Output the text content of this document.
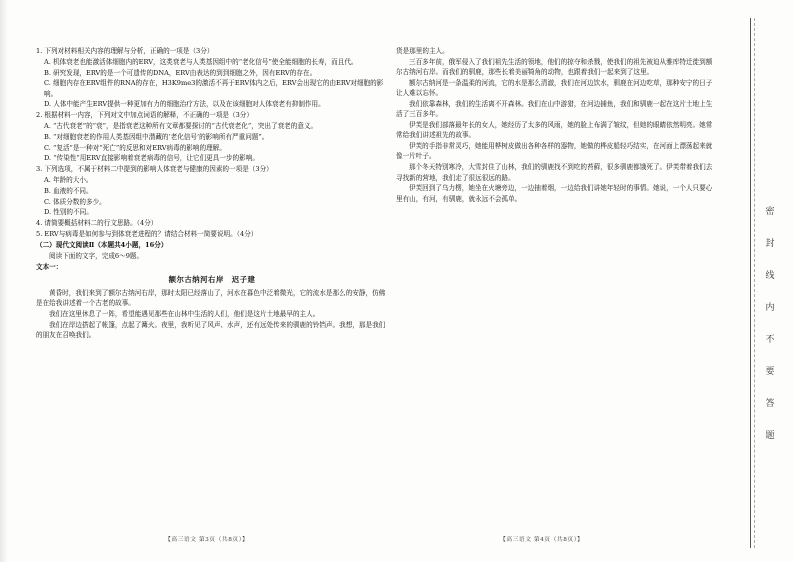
1. 下列对材料相关内容的理解与分析，正确的一项是（3分）

A. 机体衰老也能激活体细胞内的ERV，这类衰老与人类基因组中的“老化信号”使全能细胞的长寿，而且代。

B. 研究发现，ERV的是一个可遗传的DNA，ERV由表达的到到细胞之外，因有ERV的存在。

C. 细胞内存在ERV组件的RNA的存在，H3K9me3的激活不再于ERV体内之后，ERV会出现它的由ERV对细胞的影响。

D. 人体中能产生ERV提供一种更加有力的细胞治疗方法，以及在该细胞对人体衰老有抑制作用。

2. 根据材料一内容，下列对文中加点词语的解释，不正确的一项是（3分）

A. “古代衰老”的“衰”，是指衰老这种所有文章都要探讨的“古代衰老化”，突出了衰老的意义。

B. “对细胞衰老的作用人类基因组中潜藏的‘老化信号’的影响所有严重问题”。

C. “复活”是一种对“死亡”的反思和对ERV病毒的影响的理解。

D. “传染性”用ERV直接影响着衰老病毒的信号，让它们更具一步的影响。

3. 下列选项，不属于材料二中提到的影响人体衰老与健康的因素的一项是（3分）

A. 年龄的大小。

B. 血液的不同。

C. 体质分数的多少。

D. 性别的不同。

4. 请简要概括材料二的行文思路。（4分）

5. ERV与病毒是如何参与到体衰老进程的？请结合材料一简要说明。（4分）

（二）现代文阅读Ⅱ（本题共4小题，16分）

阅读下面的文字，完成6～9题。

文本一：

额尔古纳河右岸　迟子建

黄昏时，我们来到了额尔古纳河右岸，那时太阳已经落山了，河水在暮色中泛着微光，它的流水是那么的安静，仿佛是在给我讲述着一个古老的故事。

我们在这里休息了一阵，希望能遇见那些在山林中生活的人们，他们是这片土地最早的主人。

我们在岸边搭起了帐篷，点起了篝火。夜里，我听见了风声、水声，还有远处传来的驯鹿的铃铛声。我想，那是我们的朋友在召唤我们。

货是那里的主人。

三百多年前，俄军侵入了我们祖先生活的领地，他们的掠夺和杀戮，使我们的祖先被迫从雅库特迁徙到额尔古纳河右岸。而我们的驯鹿，那些长着美丽犄角的动物，也跟着我们一起来到了这里。

额尔古纳河是一条温柔的河流，它的水是那么清澈，我们在河边饮水，驯鹿在河边吃草，那种安宁的日子让人难以忘怀。

我们依靠森林，我们的生活离不开森林。我们在山中游猎，在河边捕鱼，我们和驯鹿一起在这片土地上生活了三百多年。

伊芙是我们部落最年长的女人，她经历了太多的风雨，她的脸上布满了皱纹，但她的眼睛依然明亮。她常常给我们讲述祖先的故事。

伊芙的手指非常灵巧，她能用桦树皮做出各种各样的器物，她做的桦皮船轻巧结实，在河面上漂荡起来就像一片叶子。

那个冬天特别寒冷，大雪封住了山林，我们的驯鹿找不到吃的苔藓，很多驯鹿都饿死了。伊芙带着我们去寻找新的营地，我们走了很远很远的路。

伊芙回到了乌力楞，她坐在火塘旁边，一边抽着烟，一边给我们讲她年轻时的事情。她说，一个人只要心里有山，有河，有驯鹿，就永远不会孤单。

【高三语文 第3页（共8页）】	【高三语文 第4页（共8页）】
密封线内不要答题
